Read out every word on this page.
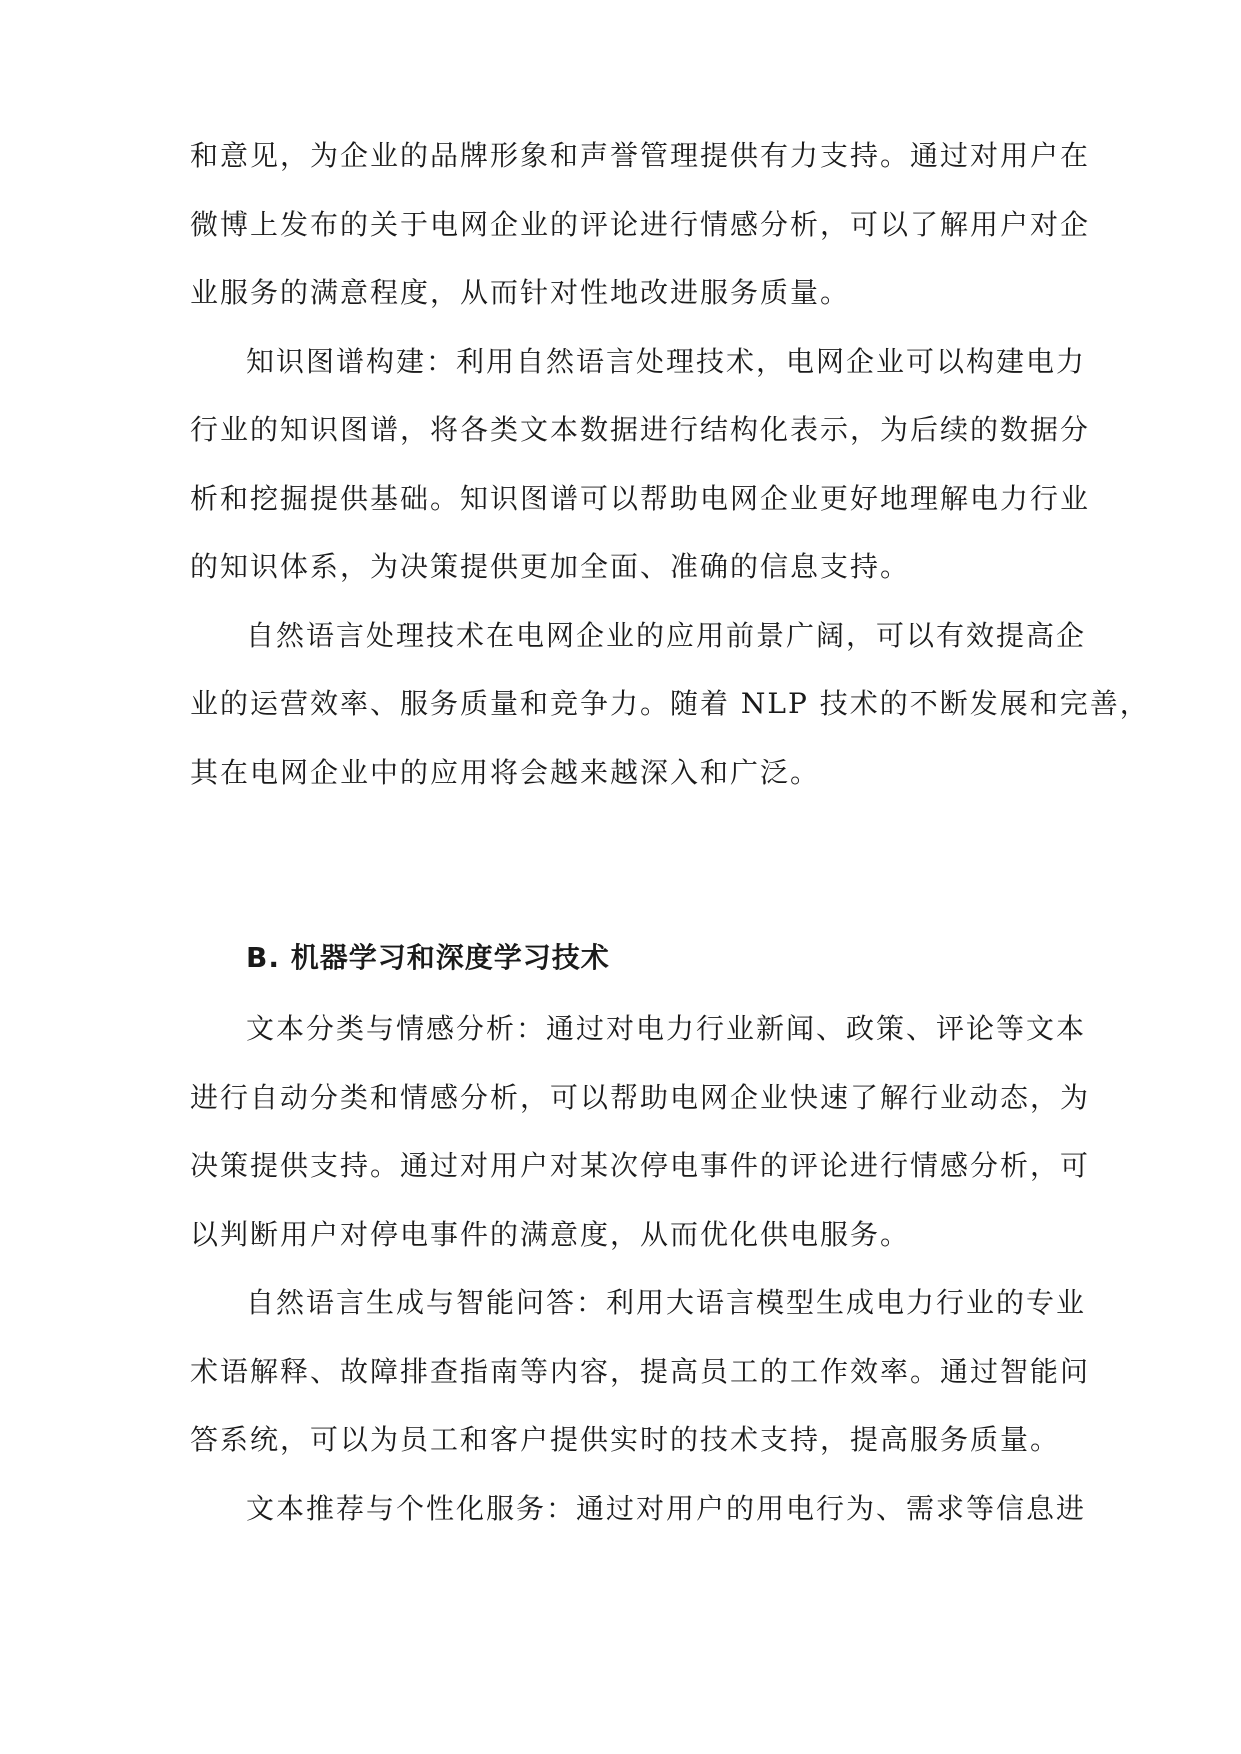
和意见，为企业的品牌形象和声誉管理提供有力支持。通过对用户在
微博上发布的关于电网企业的评论进行情感分析，可以了解用户对企
业服务的满意程度，从而针对性地改进服务质量。
知识图谱构建：利用自然语言处理技术，电网企业可以构建电力
行业的知识图谱，将各类文本数据进行结构化表示，为后续的数据分
析和挖掘提供基础。知识图谱可以帮助电网企业更好地理解电力行业
的知识体系，为决策提供更加全面、准确的信息支持。
自然语言处理技术在电网企业的应用前景广阔，可以有效提高企
业的运营效率、服务质量和竞争力。随着 NLP 技术的不断发展和完善，
其在电网企业中的应用将会越来越深入和广泛。
B. 机器学习和深度学习技术
文本分类与情感分析：通过对电力行业新闻、政策、评论等文本
进行自动分类和情感分析，可以帮助电网企业快速了解行业动态，为
决策提供支持。通过对用户对某次停电事件的评论进行情感分析，可
以判断用户对停电事件的满意度，从而优化供电服务。
自然语言生成与智能问答：利用大语言模型生成电力行业的专业
术语解释、故障排查指南等内容，提高员工的工作效率。通过智能问
答系统，可以为员工和客户提供实时的技术支持，提高服务质量。
文本推荐与个性化服务：通过对用户的用电行为、需求等信息进
